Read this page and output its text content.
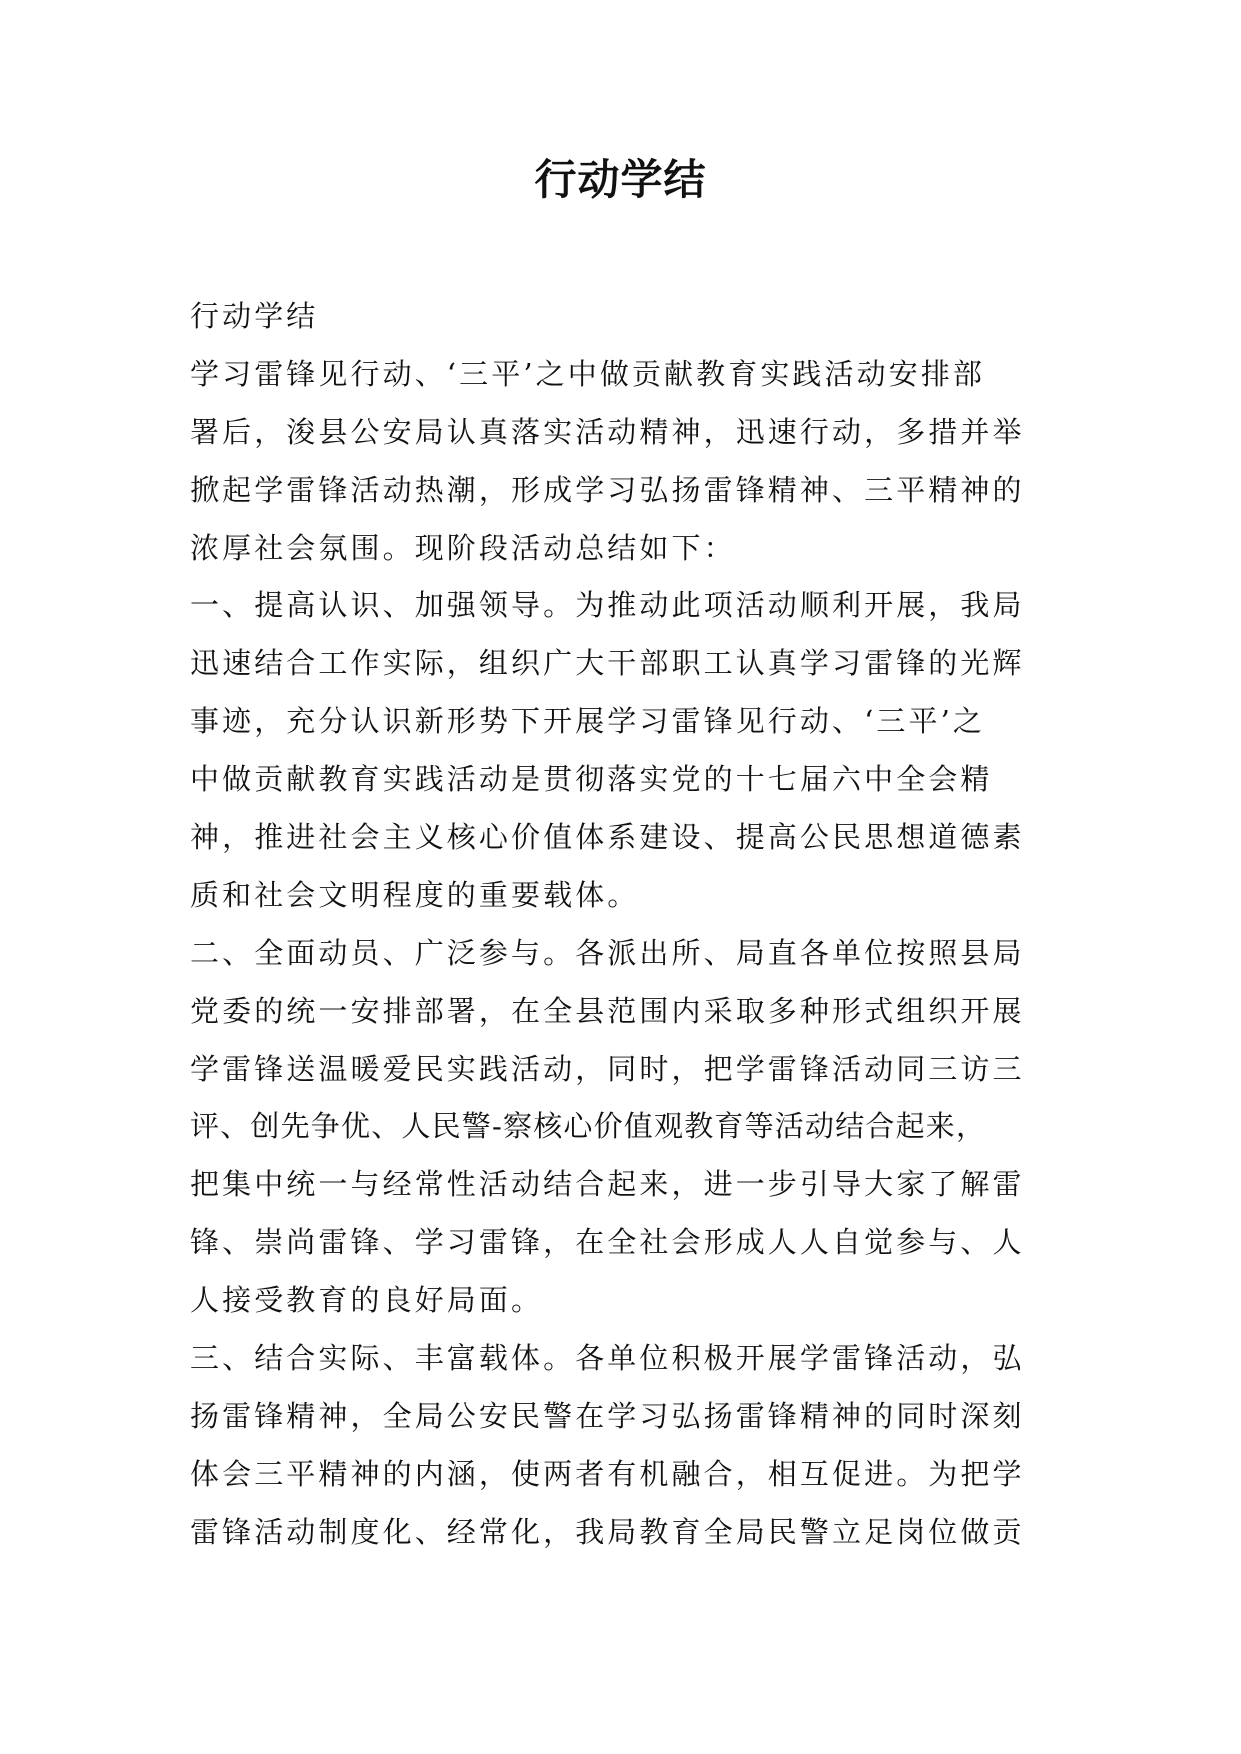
行动学结

行动学结

学习雷锋见行动、‘三平’之中做贡献教育实践活动安排部

署后，浚县公安局认真落实活动精神，迅速行动，多措并举

掀起学雷锋活动热潮，形成学习弘扬雷锋精神、三平精神的

浓厚社会氛围。现阶段活动总结如下：

一、提高认识、加强领导。为推动此项活动顺利开展，我局

迅速结合工作实际，组织广大干部职工认真学习雷锋的光辉

事迹，充分认识新形势下开展学习雷锋见行动、‘三平’之

中做贡献教育实践活动是贯彻落实党的十七届六中全会精

神，推进社会主义核心价值体系建设、提高公民思想道德素

质和社会文明程度的重要载体。

二、全面动员、广泛参与。各派出所、局直各单位按照县局

党委的统一安排部署，在全县范围内采取多种形式组织开展

学雷锋送温暖爱民实践活动，同时，把学雷锋活动同三访三

评、创先争优、人民警-察核心价值观教育等活动结合起来，

把集中统一与经常性活动结合起来，进一步引导大家了解雷

锋、崇尚雷锋、学习雷锋，在全社会形成人人自觉参与、人

人接受教育的良好局面。

三、结合实际、丰富载体。各单位积极开展学雷锋活动，弘

扬雷锋精神，全局公安民警在学习弘扬雷锋精神的同时深刻

体会三平精神的内涵，使两者有机融合，相互促进。为把学

雷锋活动制度化、经常化，我局教育全局民警立足岗位做贡
